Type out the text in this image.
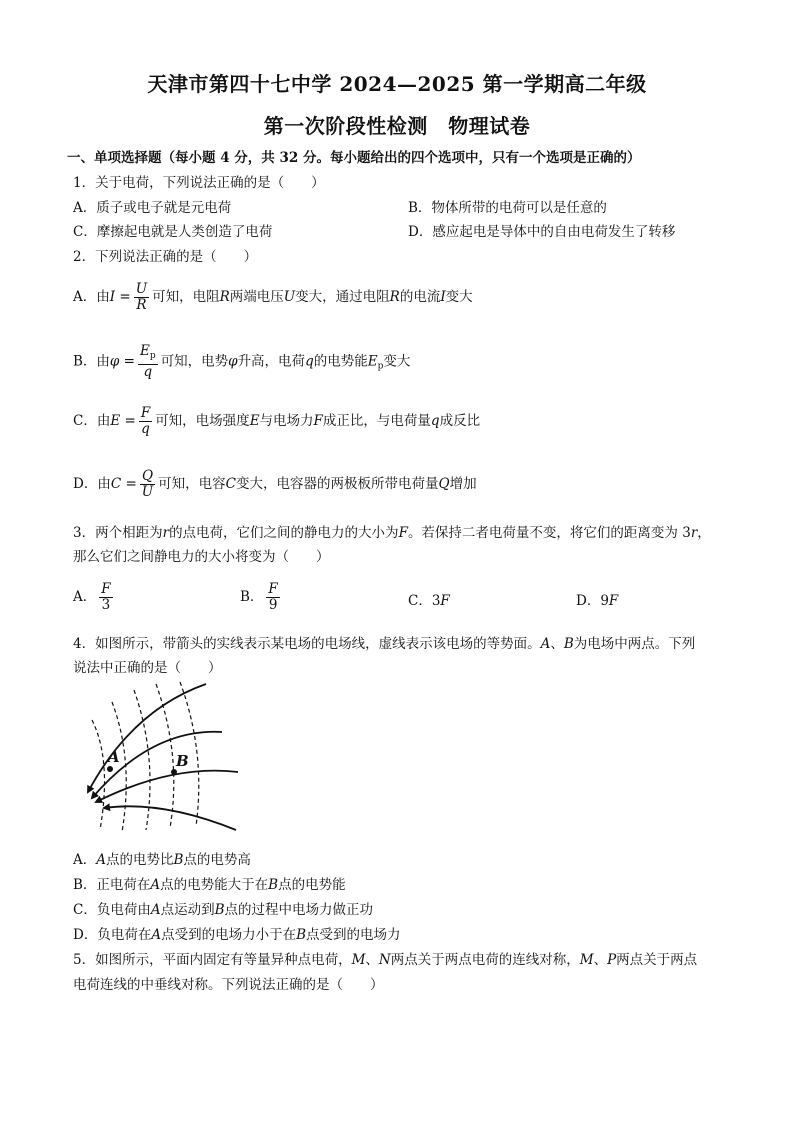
天津市第四十七中学 2024—2025 第一学期高二年级
第一次阶段性检测　物理试卷
一、单项选择题（每小题 4 分，共 32 分。每小题给出的四个选项中，只有一个选项是正确的）
1．关于电荷，下列说法正确的是（　　）
A．质子或电子就是元电荷	B．物体所带的电荷可以是任意的
C．摩擦起电就是人类创造了电荷	D．感应起电是导体中的自由电荷发生了转移
2．下列说法正确的是（　　）
A．由$I = \frac{U}{R}$ 可知，电阻R两端电压U变大，通过电阻R的电流I变大
B．由$\varphi = \frac{E_p}{q}$ 可知，电势φ升高，电荷q的电势能$E_p$变大
C．由$E = \frac{F}{q}$ 可知，电场强度E与电场力F成正比，与电荷量q成反比
D．由$C = \frac{Q}{U}$ 可知，电容C变大，电容器的两极板所带电荷量Q增加
3．两个相距为r的点电荷，它们之间的静电力的大小为F。若保持二者电荷量不变，将它们的距离变为 3r，
那么它们之间静电力的大小将变为（　　）
A． $\frac{F}{3}$	B． $\frac{F}{9}$	C．3F	D．9F
4．如图所示，带箭头的实线表示某电场的电场线，虚线表示该电场的等势面。A、B为电场中两点。下列
说法中正确的是（　　）
A	B
A．A点的电势比B点的电势高
B．正电荷在A点的电势能大于在B点的电势能
C．负电荷由A点运动到B点的过程中电场力做正功
D．负电荷在A点受到的电场力小于在B点受到的电场力
5．如图所示，平面内固定有等量异种点电荷，M、N两点关于两点电荷的连线对称，M、P两点关于两点
电荷连线的中垂线对称。下列说法正确的是（　　）
